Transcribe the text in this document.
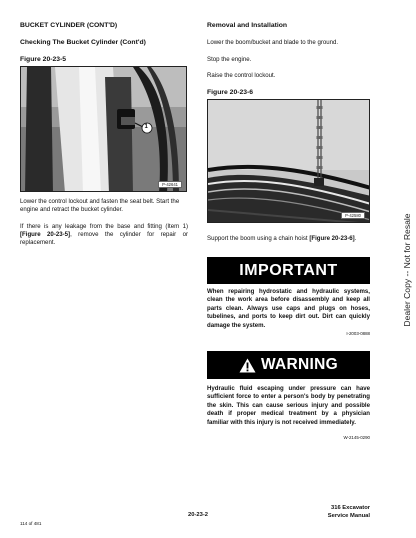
BUCKET CYLINDER (CONT'D)
Checking The Bucket Cylinder (Cont'd)
Figure 20-23-5
1
P-42641
Lower the control lockout and fasten the seat belt. Start the engine and retract the bucket cylinder.
If there is any leakage from the base and fitting (Item 1) [Figure 20-23-5], remove the cylinder for repair or replacement.
Removal and Installation
Lower the boom/bucket and blade to the ground.
Stop the engine.
Raise the control lockout.
Figure 20-23-6
P-42580
Support the boom using a chain hoist [Figure 20-23-6].
IMPORTANT
When repairing hydrostatic and hydraulic systems, clean the work area before disassembly and keep all parts clean. Always use caps and plugs on hoses, tubelines, and ports to keep dirt out. Dirt can quickly damage the system.
I-2003-0888
WARNING
Hydraulic fluid escaping under pressure can have sufficient force to enter a person's body by penetrating the skin. This can cause serious injury and possible death if proper medical treatment by a physician familiar with this injury is not received immediately.
W-2145-0290
Dealer Copy -- Not for Resale
114 of 481
20-23-2
316 Excavator
Service Manual
